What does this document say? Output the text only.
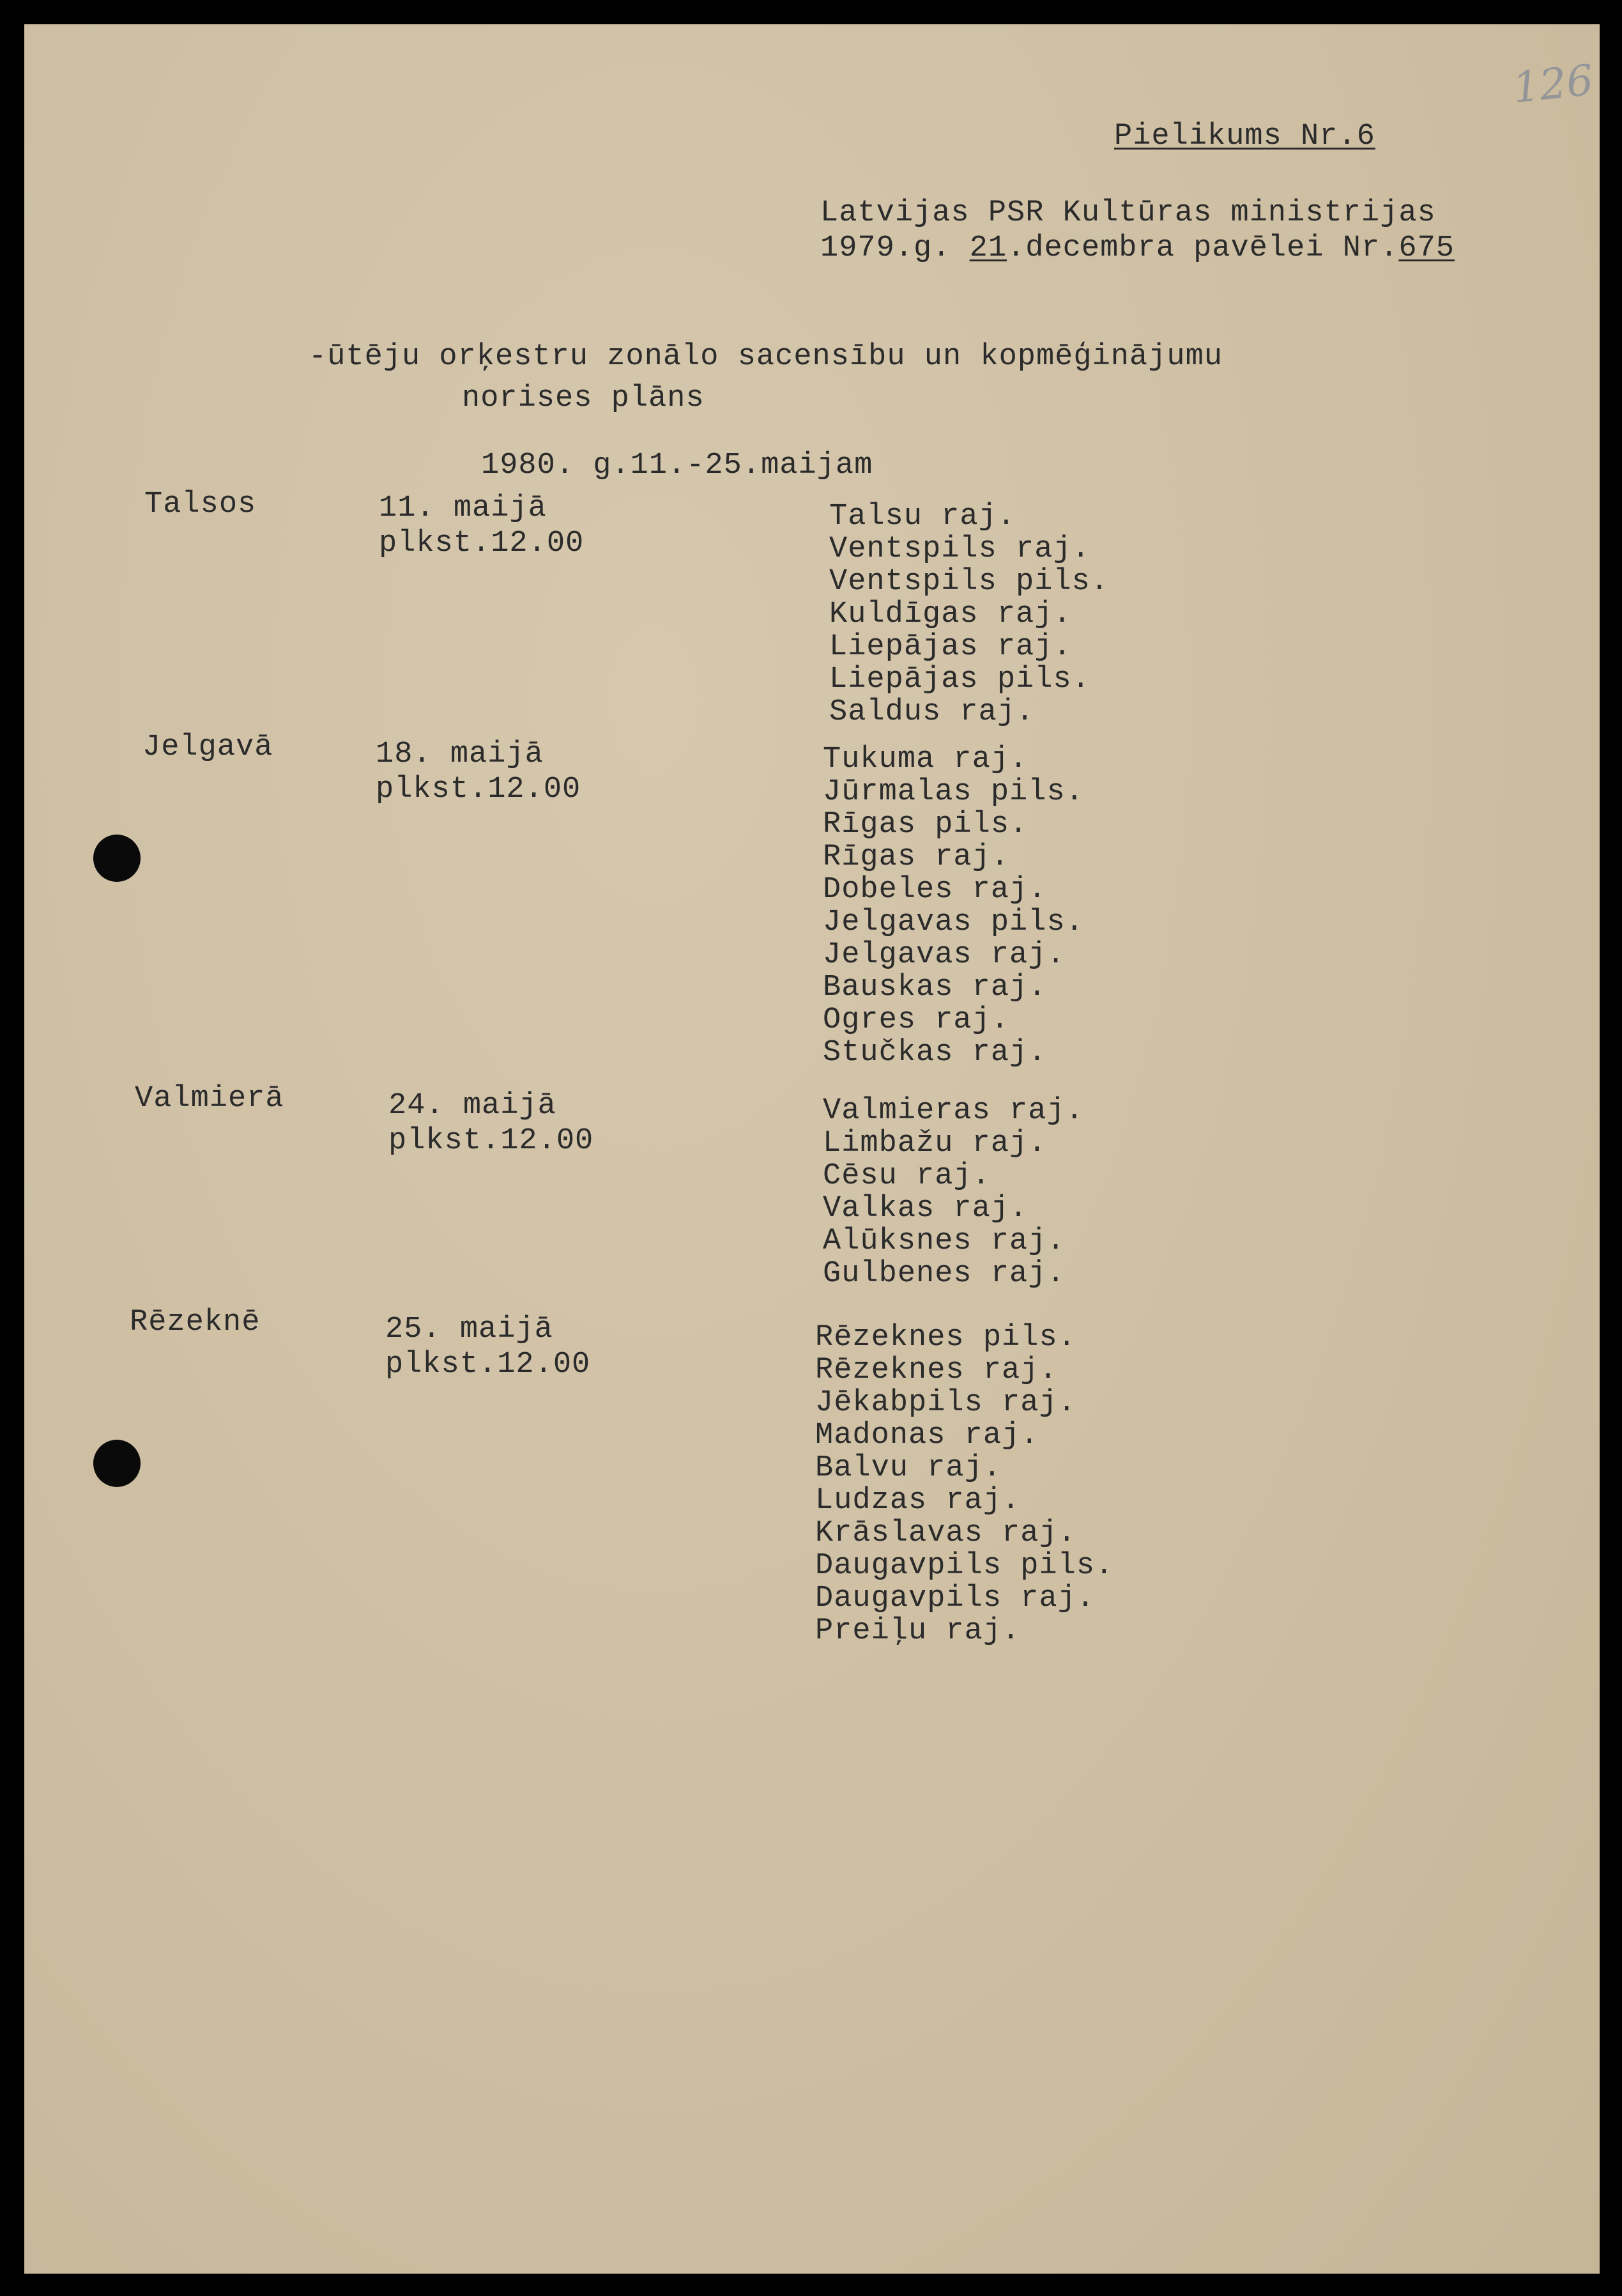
126
Pielikums Nr.6
Latvijas PSR Kultūras ministrijas
1979.g. 21.decembra pavēlei Nr.675
-ūtēju orķestru zonālo sacensību un kopmēģinājumu
norises plāns
1980. g.11.-25.maijam
Talsos	11. maijā
plkst.12.00
Talsu raj.
Ventspils raj.
Ventspils pils.
Kuldīgas raj.
Liepājas raj.
Liepājas pils.
Saldus raj.
Jelgavā	18. maijā
plkst.12.00
Tukuma raj.
Jūrmalas pils.
Rīgas pils.
Rīgas raj.
Dobeles raj.
Jelgavas pils.
Jelgavas raj.
Bauskas raj.
Ogres raj.
Stučkas raj.
Valmierā	24. maijā
plkst.12.00
Valmieras raj.
Limbažu raj.
Cēsu raj.
Valkas raj.
Alūksnes raj.
Gulbenes raj.
Rēzeknē	25. maijā
plkst.12.00
Rēzeknes pils.
Rēzeknes raj.
Jēkabpils raj.
Madonas raj.
Balvu raj.
Ludzas raj.
Krāslavas raj.
Daugavpils pils.
Daugavpils raj.
Preiļu raj.
